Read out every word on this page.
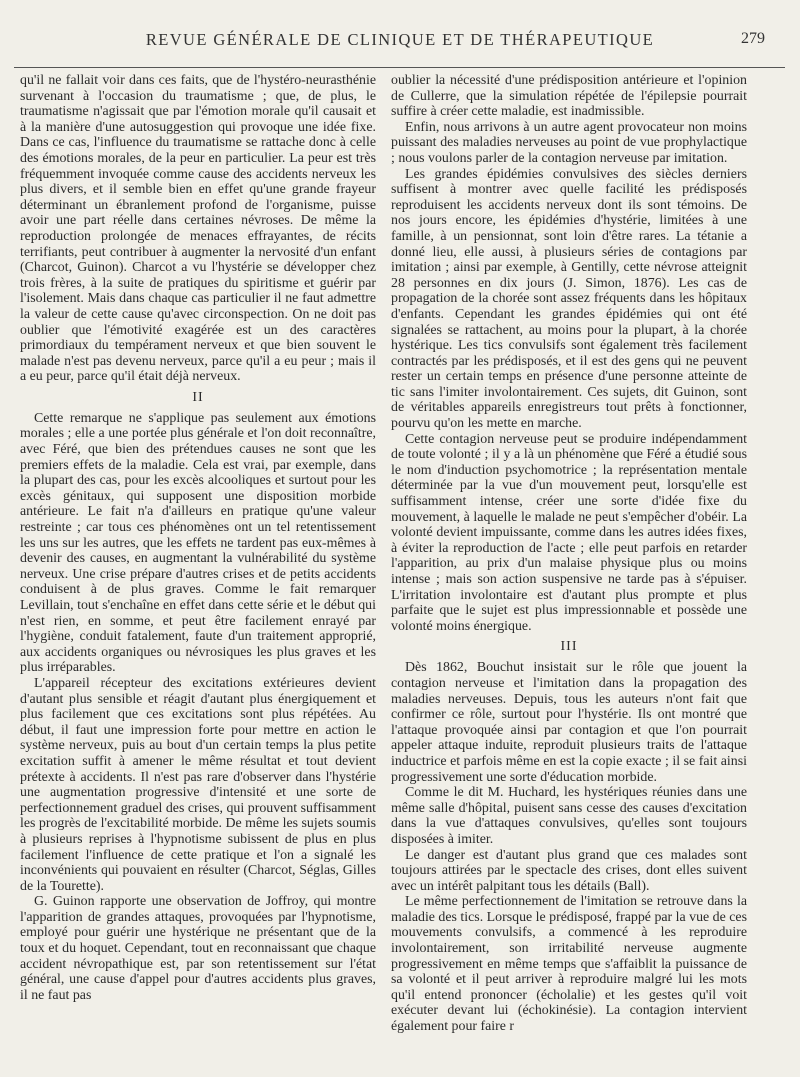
REVUE GÉNÉRALE DE CLINIQUE ET DE THÉRAPEUTIQUE	279

qu'il ne fallait voir dans ces faits, que de l'hystéro-neurasthénie survenant à l'occasion du traumatisme ; que, de plus, le traumatisme n'agissait que par l'émotion morale qu'il causait et à la manière d'une autosuggestion qui provoque une idée fixe. Dans ce cas, l'influence du traumatisme se rattache donc à celle des émotions morales, de la peur en particulier. La peur est très fréquemment invoquée comme cause des accidents nerveux les plus divers, et il semble bien en effet qu'une grande frayeur déterminant un ébranlement profond de l'organisme, puisse avoir une part réelle dans certaines névroses. De même la reproduction prolongée de menaces effrayantes, de récits terrifiants, peut contribuer à augmenter la nervosité d'un enfant (Charcot, Guinon). Charcot a vu l'hystérie se développer chez trois frères, à la suite de pratiques du spiritisme et guérir par l'isolement. Mais dans chaque cas particulier il ne faut admettre la valeur de cette cause qu'avec circonspection. On ne doit pas oublier que l'émotivité exagérée est un des caractères primordiaux du tempérament nerveux et que bien souvent le malade n'est pas devenu nerveux, parce qu'il a eu peur ; mais il a eu peur, parce qu'il était déjà nerveux.

II

Cette remarque ne s'applique pas seulement aux émotions morales ; elle a une portée plus générale et l'on doit reconnaître, avec Féré, que bien des prétendues causes ne sont que les premiers effets de la maladie. Cela est vrai, par exemple, dans la plupart des cas, pour les excès alcooliques et surtout pour les excès génitaux, qui supposent une disposition morbide antérieure. Le fait n'a d'ailleurs en pratique qu'une valeur restreinte ; car tous ces phénomènes ont un tel retentissement les uns sur les autres, que les effets ne tardent pas eux-mêmes à devenir des causes, en augmentant la vulnérabilité du système nerveux. Une crise prépare d'autres crises et de petits accidents conduisent à de plus graves. Comme le fait remarquer Levillain, tout s'enchaîne en effet dans cette série et le début qui n'est rien, en somme, et peut être facilement enrayé par l'hygiène, conduit fatalement, faute d'un traitement approprié, aux accidents organiques ou névrosiques les plus graves et les plus irréparables.

L'appareil récepteur des excitations extérieures devient d'autant plus sensible et réagit d'autant plus énergiquement et plus facilement que ces excitations sont plus répétées. Au début, il faut une impression forte pour mettre en action le système nerveux, puis au bout d'un certain temps la plus petite excitation suffit à amener le même résultat et tout devient prétexte à accidents. Il n'est pas rare d'observer dans l'hystérie une augmentation progressive d'intensité et une sorte de perfectionnement graduel des crises, qui prouvent suffisamment les progrès de l'excitabilité morbide. De même les sujets soumis à plusieurs reprises à l'hypnotisme subissent de plus en plus facilement l'influence de cette pratique et l'on a signalé les inconvénients qui pouvaient en résulter (Charcot, Séglas, Gilles de la Tourette).

G. Guinon rapporte une observation de Joffroy, qui montre l'apparition de grandes attaques, provoquées par l'hypnotisme, employé pour guérir une hystérique ne présentant que de la toux et du hoquet. Cependant, tout en reconnaissant que chaque accident névropathique est, par son retentissement sur l'état général, une cause d'appel pour d'autres accidents plus graves, il ne faut pas

oublier la nécessité d'une prédisposition antérieure et l'opinion de Cullerre, que la simulation répétée de l'épilepsie pourrait suffire à créer cette maladie, est inadmissible.

Enfin, nous arrivons à un autre agent provocateur non moins puissant des maladies nerveuses au point de vue prophylactique ; nous voulons parler de la contagion nerveuse par imitation.

Les grandes épidémies convulsives des siècles derniers suffisent à montrer avec quelle facilité les prédisposés reproduisent les accidents nerveux dont ils sont témoins. De nos jours encore, les épidémies d'hystérie, limitées à une famille, à un pensionnat, sont loin d'être rares. La tétanie a donné lieu, elle aussi, à plusieurs séries de contagions par imitation ; ainsi par exemple, à Gentilly, cette névrose atteignit 28 personnes en dix jours (J. Simon, 1876). Les cas de propagation de la chorée sont assez fréquents dans les hôpitaux d'enfants. Cependant les grandes épidémies qui ont été signalées se rattachent, au moins pour la plupart, à la chorée hystérique. Les tics convulsifs sont également très facilement contractés par les prédisposés, et il est des gens qui ne peuvent rester un certain temps en présence d'une personne atteinte de tic sans l'imiter involontairement. Ces sujets, dit Guinon, sont de véritables appareils enregistreurs tout prêts à fonctionner, pourvu qu'on les mette en marche.

Cette contagion nerveuse peut se produire indépendamment de toute volonté ; il y a là un phénomène que Féré a étudié sous le nom d'induction psychomotrice ; la représentation mentale déterminée par la vue d'un mouvement peut, lorsqu'elle est suffisamment intense, créer une sorte d'idée fixe du mouvement, à laquelle le malade ne peut s'empêcher d'obéir. La volonté devient impuissante, comme dans les autres idées fixes, à éviter la reproduction de l'acte ; elle peut parfois en retarder l'apparition, au prix d'un malaise physique plus ou moins intense ; mais son action suspensive ne tarde pas à s'épuiser. L'irritation involontaire est d'autant plus prompte et plus parfaite que le sujet est plus impressionnable et possède une volonté moins énergique.

III

Dès 1862, Bouchut insistait sur le rôle que jouent la contagion nerveuse et l'imitation dans la propagation des maladies nerveuses. Depuis, tous les auteurs n'ont fait que confirmer ce rôle, surtout pour l'hystérie. Ils ont montré que l'attaque provoquée ainsi par contagion et que l'on pourrait appeler attaque induite, reproduit plusieurs traits de l'attaque inductrice et parfois même en est la copie exacte ; il se fait ainsi progressivement une sorte d'éducation morbide.

Comme le dit M. Huchard, les hystériques réunies dans une même salle d'hôpital, puisent sans cesse des causes d'excitation dans la vue d'attaques convulsives, qu'elles sont toujours disposées à imiter.

Le danger est d'autant plus grand que ces malades sont toujours attirées par le spectacle des crises, dont elles suivent avec un intérêt palpitant tous les détails (Ball).

Le même perfectionnement de l'imitation se retrouve dans la maladie des tics. Lorsque le prédisposé, frappé par la vue de ces mouvements convulsifs, a commencé à les reproduire involontairement, son irritabilité nerveuse augmente progressivement en même temps que s'affaiblit la puissance de sa volonté et il peut arriver à reproduire malgré lui les mots qu'il entend prononcer (écholalie) et les gestes qu'il voit exécuter devant lui (échokinésie). La contagion intervient également pour faire r
